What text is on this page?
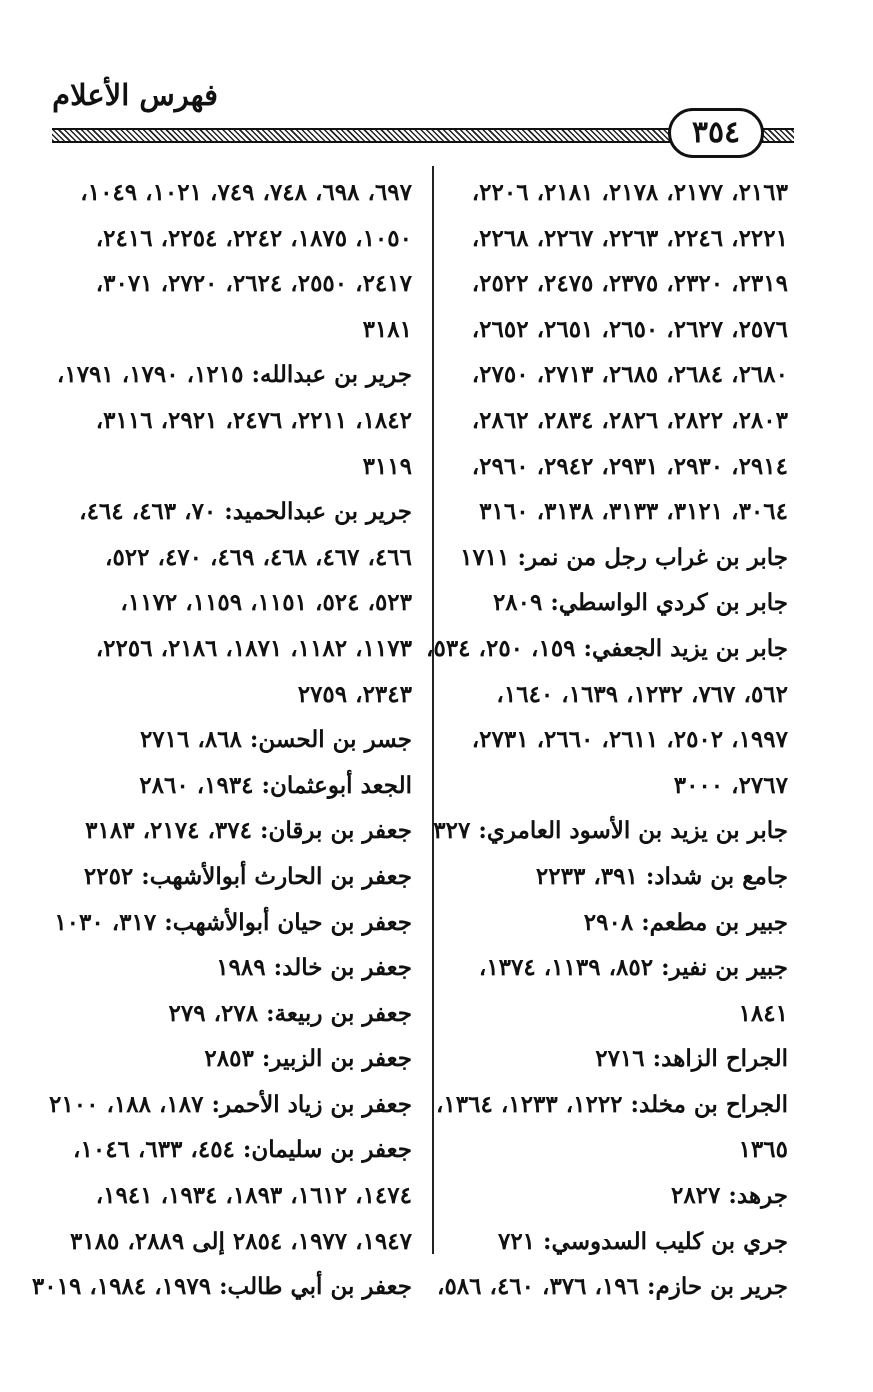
فهرس الأعلام
٣٥٤
٢١٦٣، ٢١٧٧، ٢١٧٨، ٢١٨١، ٢٢٠٦،
٢٢٢١، ٢٢٤٦، ٢٢٦٣، ٢٢٦٧، ٢٢٦٨،
٢٣١٩، ٢٣٢٠، ٢٣٧٥، ٢٤٧٥، ٢٥٢٢،
٢٥٧٦، ٢٦٢٧، ٢٦٥٠، ٢٦٥١، ٢٦٥٢،
٢٦٨٠، ٢٦٨٤، ٢٦٨٥، ٢٧١٣، ٢٧٥٠،
٢٨٠٣، ٢٨٢٢، ٢٨٢٦، ٢٨٣٤، ٢٨٦٢،
٢٩١٤، ٢٩٣٠، ٢٩٣١، ٢٩٤٢، ٢٩٦٠،
٣٠٦٤، ٣١٢١، ٣١٣٣، ٣١٣٨، ٣١٦٠
جابر بن غراب رجل من نمر: ١٧١١
جابر بن كردي الواسطي: ٢٨٠٩
جابر بن يزيد الجعفي: ١٥٩، ٢٥٠، ٥٣٤،
٥٦٢، ٧٦٧، ١٢٣٢، ١٦٣٩، ١٦٤٠،
١٩٩٧، ٢٥٠٢، ٢٦١١، ٢٦٦٠، ٢٧٣١،
٢٧٦٧، ٣٠٠٠
جابر بن يزيد بن الأسود العامري: ٣٢٧
جامع بن شداد: ٣٩١، ٢٢٣٣
جبير بن مطعم: ٢٩٠٨
جبير بن نفير: ٨٥٢، ١١٣٩، ١٣٧٤،
١٨٤١
الجراح الزاهد: ٢٧١٦
الجراح بن مخلد: ١٢٢٢، ١٢٣٣، ١٣٦٤،
١٣٦٥
جرهد: ٢٨٢٧
جري بن كليب السدوسي: ٧٢١
جرير بن حازم: ١٩٦، ٣٧٦، ٤٦٠، ٥٨٦،
٦٩٧، ٦٩٨، ٧٤٨، ٧٤٩، ١٠٢١، ١٠٤٩،
١٠٥٠، ١٨٧٥، ٢٢٤٢، ٢٢٥٤، ٢٤١٦،
٢٤١٧، ٢٥٥٠، ٢٦٢٤، ٢٧٢٠، ٣٠٧١،
٣١٨١
جرير بن عبدالله: ١٢١٥، ١٧٩٠، ١٧٩١،
١٨٤٢، ٢٢١١، ٢٤٧٦، ٢٩٢١، ٣١١٦،
٣١١٩
جرير بن عبدالحميد: ٧٠، ٤٦٣، ٤٦٤،
٤٦٦، ٤٦٧، ٤٦٨، ٤٦٩، ٤٧٠، ٥٢٢،
٥٢٣، ٥٢٤، ١١٥١، ١١٥٩، ١١٧٢،
١١٧٣، ١١٨٢، ١٨٧١، ٢١٨٦، ٢٢٥٦،
٢٣٤٣، ٢٧٥٩
جسر بن الحسن: ٨٦٨، ٢٧١٦
الجعد أبوعثمان: ١٩٣٤، ٢٨٦٠
جعفر بن برقان: ٣٧٤، ٢١٧٤، ٣١٨٣
جعفر بن الحارث أبوالأشهب: ٢٢٥٢
جعفر بن حيان أبوالأشهب: ٣١٧، ١٠٣٠
جعفر بن خالد: ١٩٨٩
جعفر بن ربيعة: ٢٧٨، ٢٧٩
جعفر بن الزبير: ٢٨٥٣
جعفر بن زياد الأحمر: ١٨٧، ١٨٨، ٢١٠٠
جعفر بن سليمان: ٤٥٤، ٦٣٣، ١٠٤٦،
١٤٧٤، ١٦١٢، ١٨٩٣، ١٩٣٤، ١٩٤١،
١٩٤٧، ١٩٧٧، ٢٨٥٤ إلى ٢٨٨٩، ٣١٨٥
جعفر بن أبي طالب: ١٩٧٩، ١٩٨٤، ٣٠١٩
